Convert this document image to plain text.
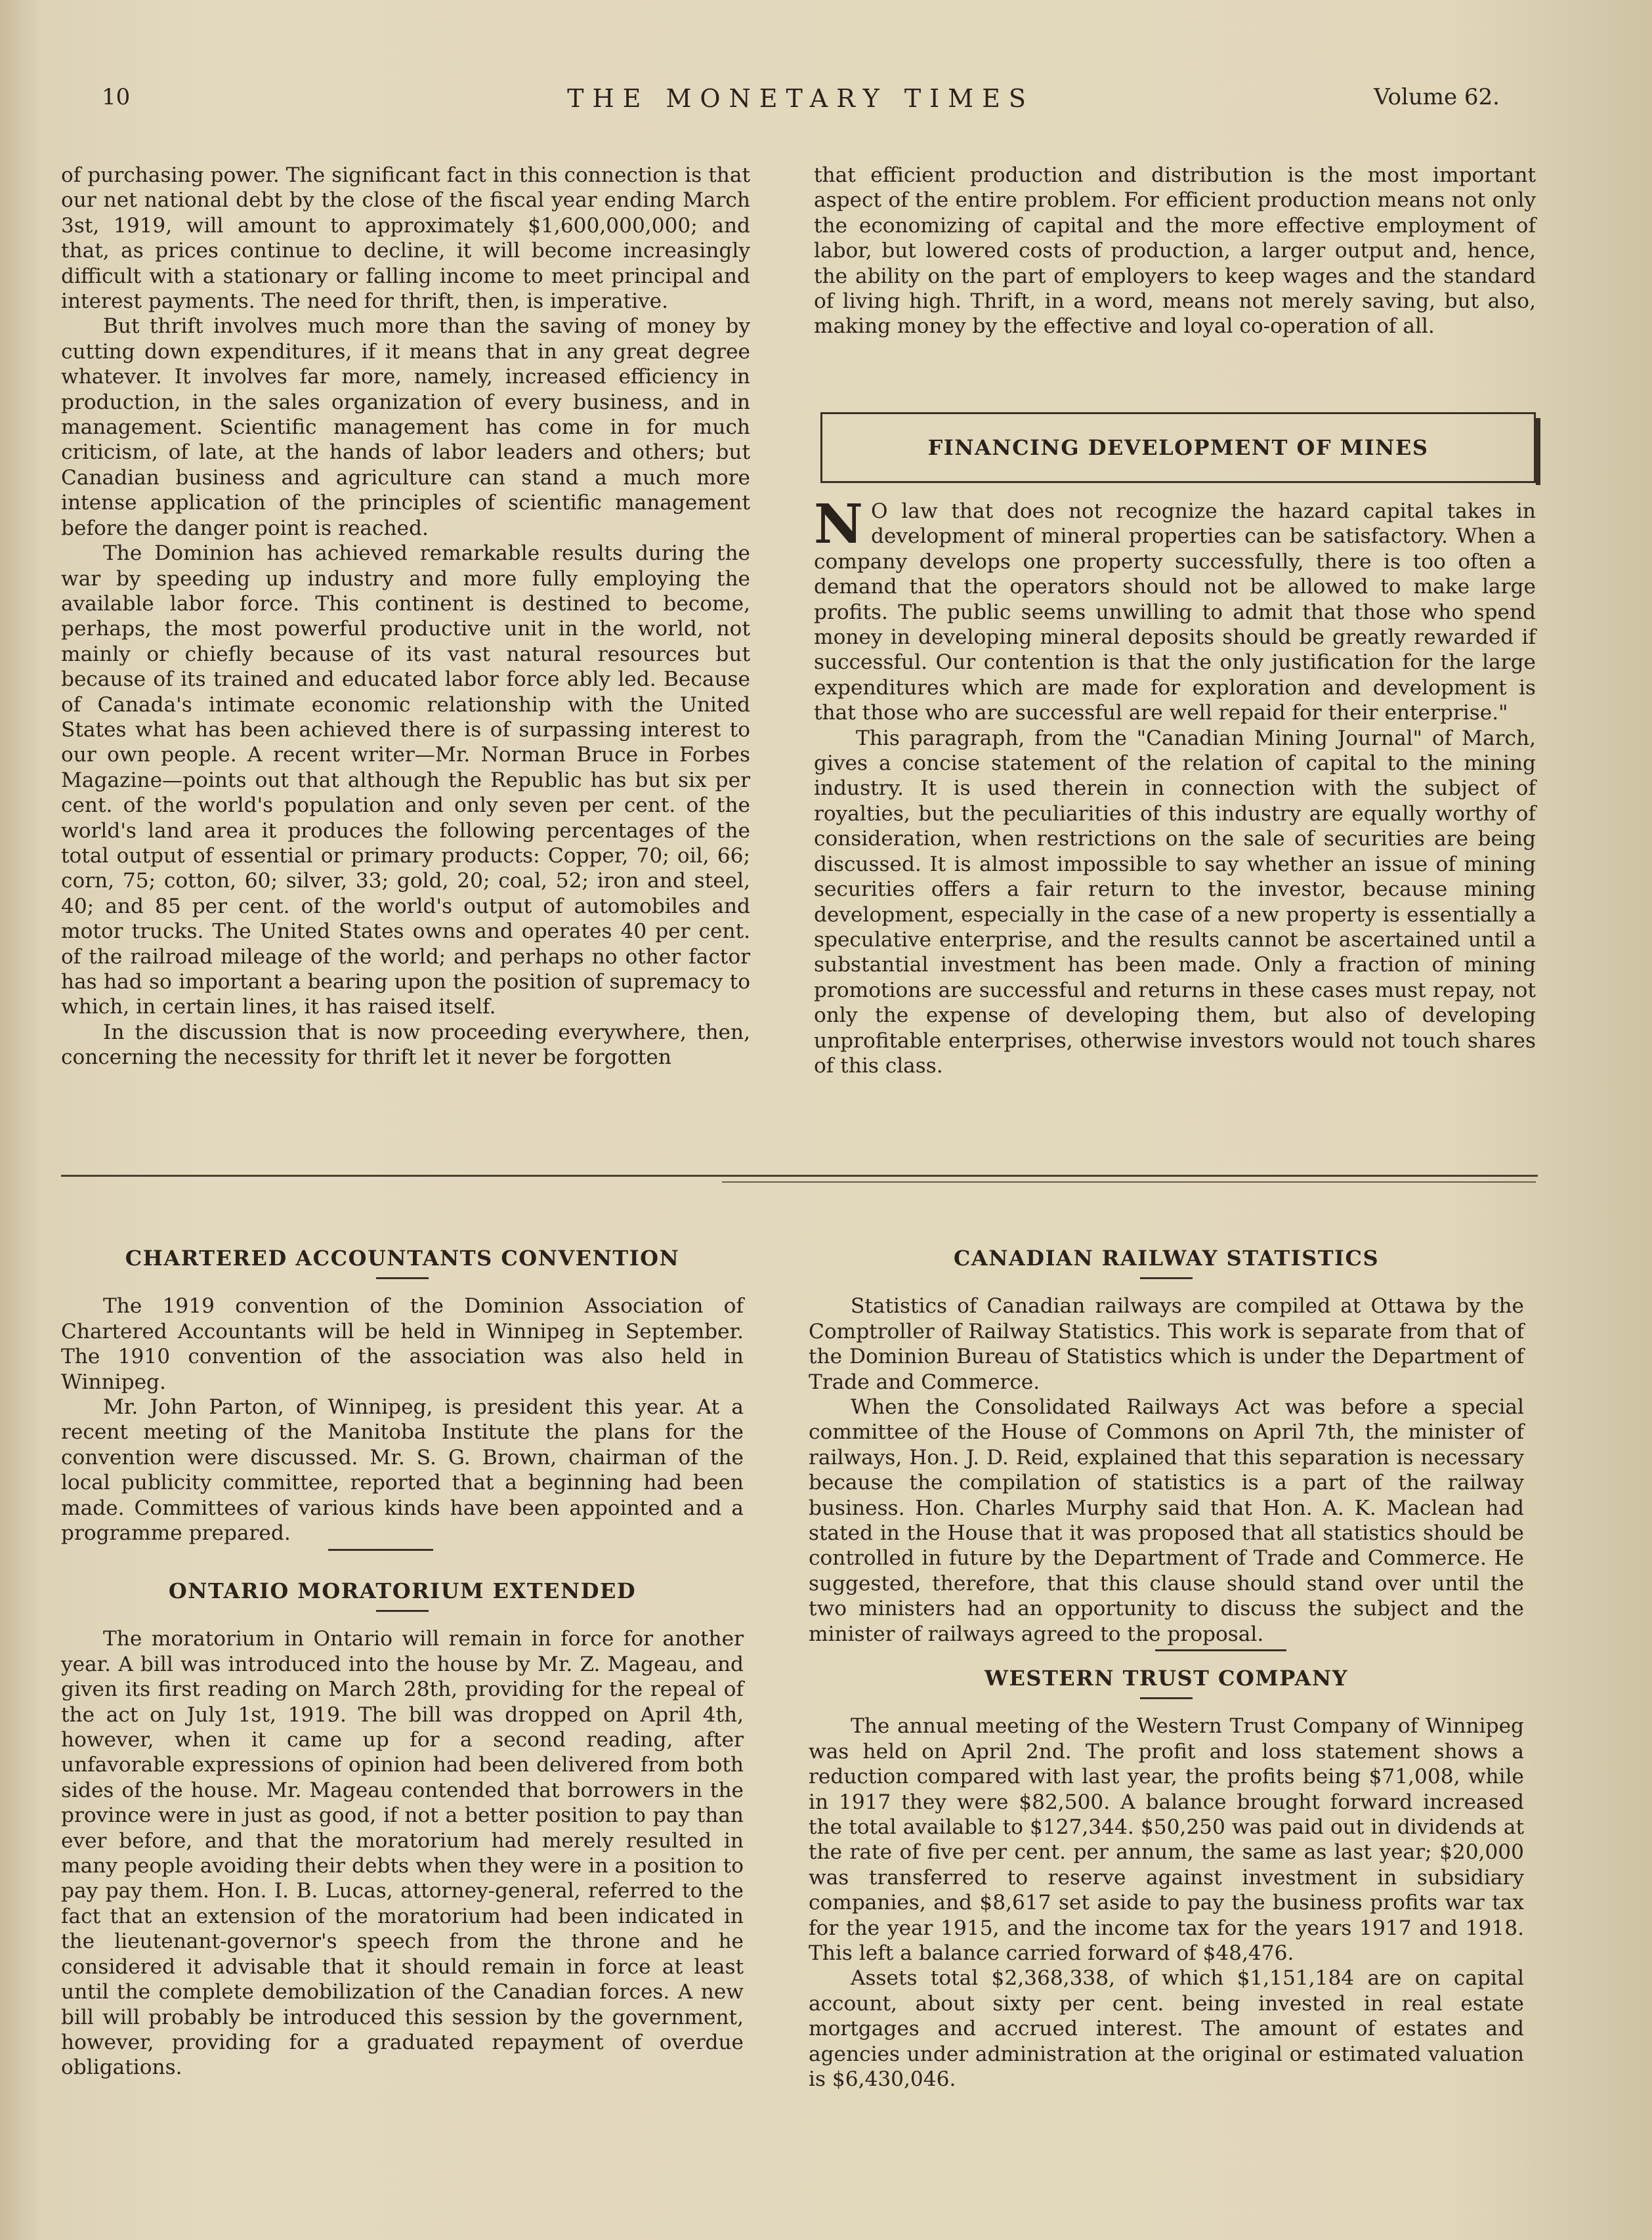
10	THE MONETARY TIMES	Volume 62.

of purchasing power. The significant fact in this connection is that our net national debt by the close of the fiscal year ending March 3st, 1919, will amount to approximately $1,600,000,000; and that, as prices continue to decline, it will become increasingly difficult with a stationary or falling income to meet principal and interest payments. The need for thrift, then, is imperative.

But thrift involves much more than the saving of money by cutting down expenditures, if it means that in any great degree whatever. It involves far more, namely, increased efficiency in production, in the sales organization of every business, and in management. Scientific management has come in for much criticism, of late, at the hands of labor leaders and others; but Canadian business and agriculture can stand a much more intense application of the principles of scientific management before the danger point is reached.

The Dominion has achieved remarkable results during the war by speeding up industry and more fully employing the available labor force. This continent is destined to become, perhaps, the most powerful productive unit in the world, not mainly or chiefly because of its vast natural resources but because of its trained and educated labor force ably led. Because of Canada's intimate economic relationship with the United States what has been achieved there is of surpassing interest to our own people. A recent writer—Mr. Norman Bruce in Forbes Magazine—points out that although the Republic has but six per cent. of the world's population and only seven per cent. of the world's land area it produces the following percentages of the total output of essential or primary products: Copper, 70; oil, 66; corn, 75; cotton, 60; silver, 33; gold, 20; coal, 52; iron and steel, 40; and 85 per cent. of the world's output of automobiles and motor trucks. The United States owns and operates 40 per cent. of the railroad mileage of the world; and perhaps no other factor has had so important a bearing upon the position of supremacy to which, in certain lines, it has raised itself.

In the discussion that is now proceeding everywhere, then, concerning the necessity for thrift let it never be forgotten

that efficient production and distribution is the most important aspect of the entire problem. For efficient production means not only the economizing of capital and the more effective employment of labor, but lowered costs of production, a larger output and, hence, the ability on the part of employers to keep wages and the standard of living high. Thrift, in a word, means not merely saving, but also, making money by the effective and loyal co-operation of all.

FINANCING DEVELOPMENT OF MINES

N O law that does not recognize the hazard capital takes in development of mineral properties can be satisfactory. When a company develops one property successfully, there is too often a demand that the operators should not be allowed to make large profits. The public seems unwilling to admit that those who spend money in developing mineral deposits should be greatly rewarded if successful. Our contention is that the only justification for the large expenditures which are made for exploration and development is that those who are successful are well repaid for their enterprise."

This paragraph, from the "Canadian Mining Journal" of March, gives a concise statement of the relation of capital to the mining industry. It is used therein in connection with the subject of royalties, but the peculiarities of this industry are equally worthy of consideration, when restrictions on the sale of securities are being discussed. It is almost impossible to say whether an issue of mining securities offers a fair return to the investor, because mining development, especially in the case of a new property is essentially a speculative enterprise, and the results cannot be ascertained until a substantial investment has been made. Only a fraction of mining promotions are successful and returns in these cases must repay, not only the expense of developing them, but also of developing unprofitable enterprises, otherwise investors would not touch shares of this class.

CHARTERED ACCOUNTANTS CONVENTION

The 1919 convention of the Dominion Association of Chartered Accountants will be held in Winnipeg in September. The 1910 convention of the association was also held in Winnipeg.

Mr. John Parton, of Winnipeg, is president this year. At a recent meeting of the Manitoba Institute the plans for the convention were discussed. Mr. S. G. Brown, chairman of the local publicity committee, reported that a beginning had been made. Committees of various kinds have been appointed and a programme prepared.

ONTARIO MORATORIUM EXTENDED

The moratorium in Ontario will remain in force for another year. A bill was introduced into the house by Mr. Z. Mageau, and given its first reading on March 28th, providing for the repeal of the act on July 1st, 1919. The bill was dropped on April 4th, however, when it came up for a second reading, after unfavorable expressions of opinion had been delivered from both sides of the house. Mr. Mageau contended that borrowers in the province were in just as good, if not a better position to pay than ever before, and that the moratorium had merely resulted in many people avoiding their debts when they were in a position to pay pay them. Hon. I. B. Lucas, attorney-general, referred to the fact that an extension of the moratorium had been indicated in the lieutenant-governor's speech from the throne and he considered it advisable that it should remain in force at least until the complete demobilization of the Canadian forces. A new bill will probably be introduced this session by the government, however, providing for a graduated repayment of overdue obligations.

CANADIAN RAILWAY STATISTICS

Statistics of Canadian railways are compiled at Ottawa by the Comptroller of Railway Statistics. This work is separate from that of the Dominion Bureau of Statistics which is under the Department of Trade and Commerce.

When the Consolidated Railways Act was before a special committee of the House of Commons on April 7th, the minister of railways, Hon. J. D. Reid, explained that this separation is necessary because the compilation of statistics is a part of the railway business. Hon. Charles Murphy said that Hon. A. K. Maclean had stated in the House that it was proposed that all statistics should be controlled in future by the Department of Trade and Commerce. He suggested, therefore, that this clause should stand over until the two ministers had an opportunity to discuss the subject and the minister of railways agreed to the proposal.

WESTERN TRUST COMPANY

The annual meeting of the Western Trust Company of Winnipeg was held on April 2nd. The profit and loss statement shows a reduction compared with last year, the profits being $71,008, while in 1917 they were $82,500. A balance brought forward increased the total available to $127,344. $50,250 was paid out in dividends at the rate of five per cent. per annum, the same as last year; $20,000 was transferred to reserve against investment in subsidiary companies, and $8,617 set aside to pay the business profits war tax for the year 1915, and the income tax for the years 1917 and 1918. This left a balance carried forward of $48,476.

Assets total $2,368,338, of which $1,151,184 are on capital account, about sixty per cent. being invested in real estate mortgages and accrued interest. The amount of estates and agencies under administration at the original or estimated valuation is $6,430,046.
